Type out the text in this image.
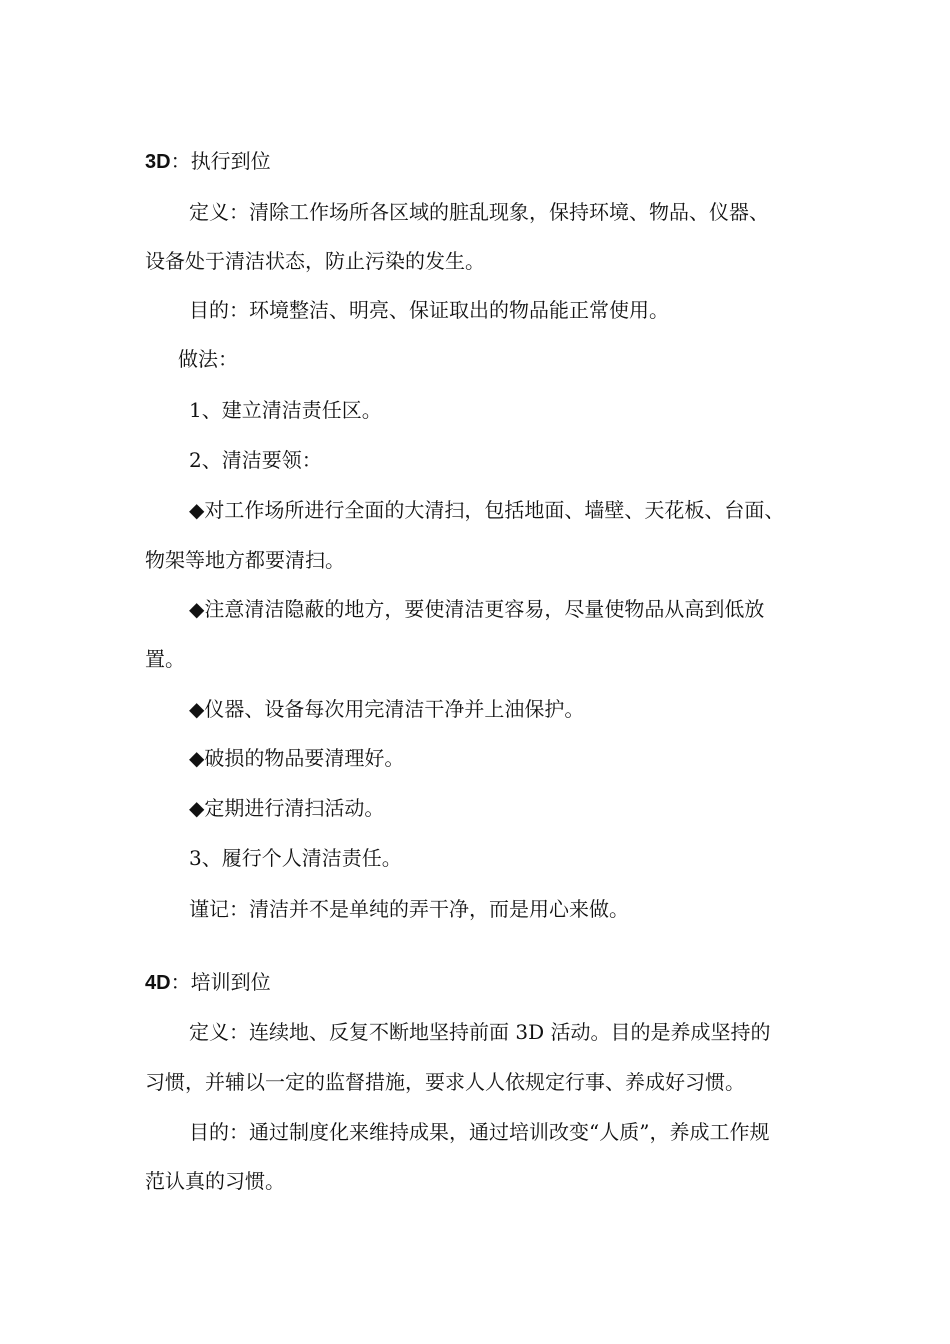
3D：执行到位
定义：清除工作场所各区域的脏乱现象，保持环境、物品、仪器、
设备处于清洁状态，防止污染的发生。
目的：环境整洁、明亮、保证取出的物品能正常使用。
做法：
1、建立清洁责任区。
2、清洁要领：
◆对工作场所进行全面的大清扫，包括地面、墙壁、天花板、台面、
物架等地方都要清扫。
◆注意清洁隐蔽的地方，要使清洁更容易，尽量使物品从高到低放
置。
◆仪器、设备每次用完清洁干净并上油保护。
◆破损的物品要清理好。
◆定期进行清扫活动。
3、履行个人清洁责任。
谨记：清洁并不是单纯的弄干净，而是用心来做。
4D：培训到位
定义：连续地、反复不断地坚持前面 3D 活动。目的是养成坚持的
习惯，并辅以一定的监督措施，要求人人依规定行事、养成好习惯。
目的：通过制度化来维持成果，通过培训改变“人质”，养成工作规
范认真的习惯。
